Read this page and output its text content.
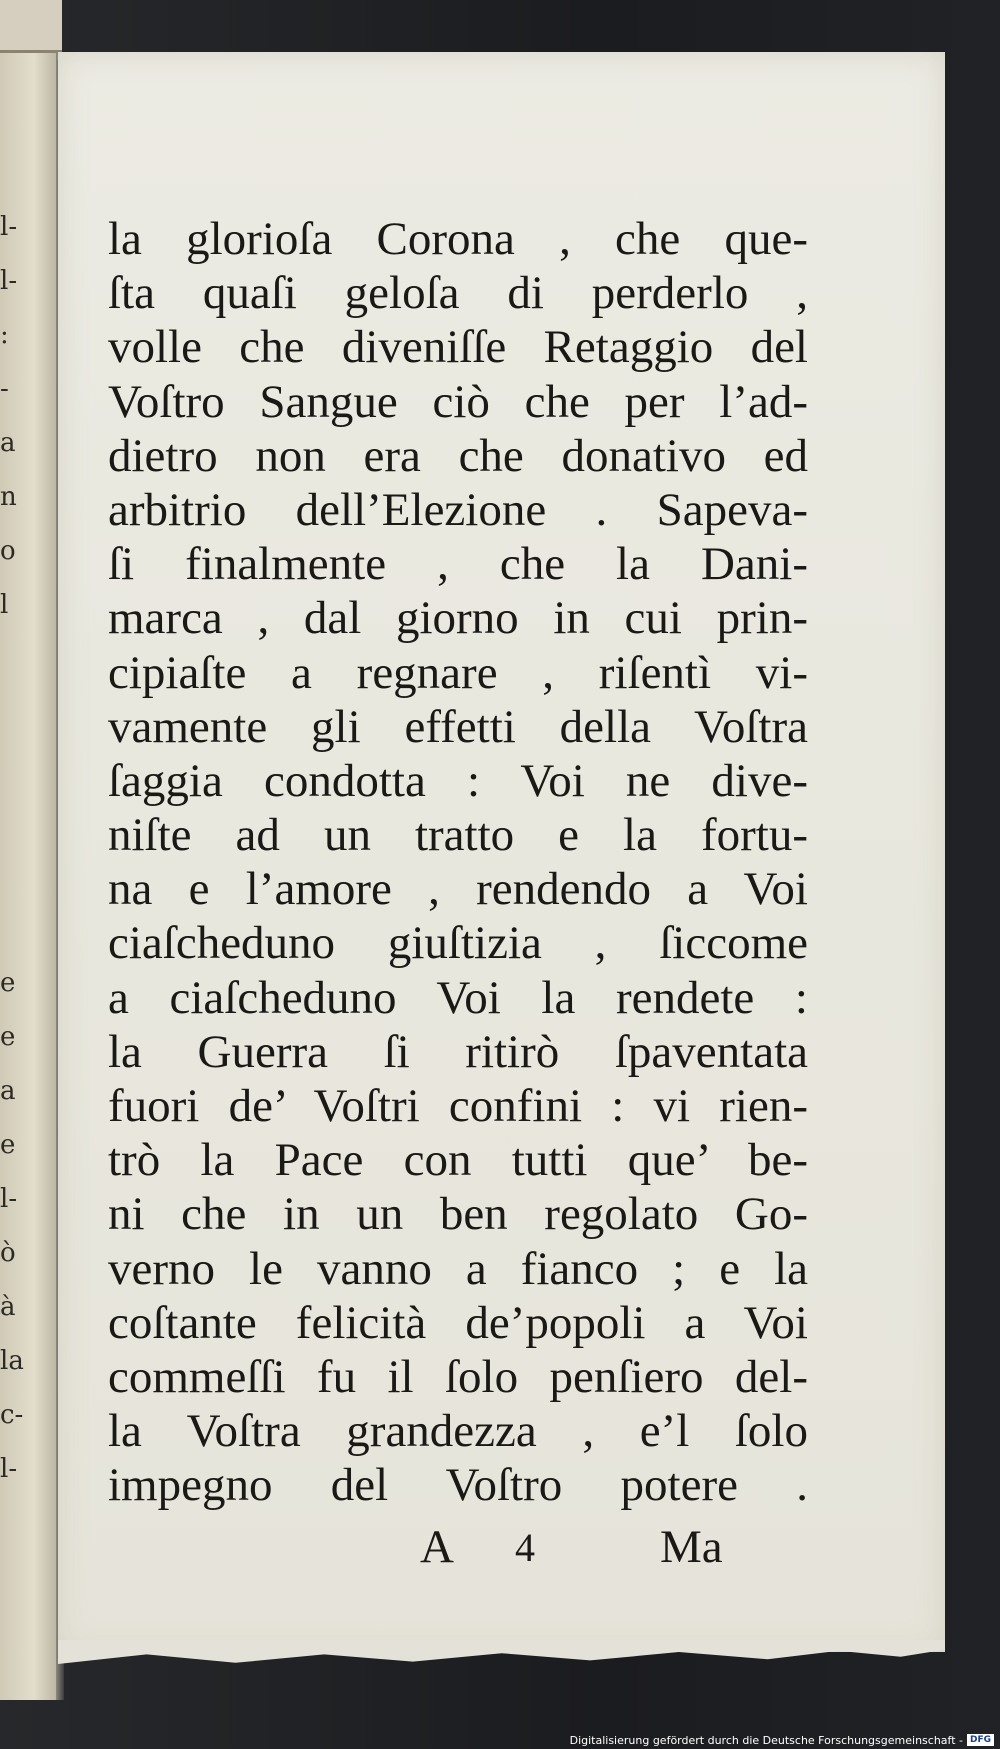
l-
l-
:
-
a
n
o
l
e
e
a
e
l-
ò
à
la
c-
l-
la glorioſa Corona , che que-
ſta quaſi geloſa di perderlo ,
volle che diveniſſe Retaggio del
Voſtro Sangue ciò che per l’ad-
dietro non era che donativo ed
arbitrio dell’Elezione . Sapeva-
ſi finalmente , che la Dani-
marca , dal giorno in cui prin-
cipiaſte a regnare , riſentì vi-
vamente gli effetti della Voſtra
ſaggia condotta : Voi ne dive-
niſte ad un tratto e la fortu-
na e l’amore , rendendo a Voi
ciaſcheduno giuſtizia , ſiccome
a ciaſcheduno Voi la rendete :
la Guerra ſi ritirò ſpaventata
fuori de’ Voſtri confini : vi rien-
trò la Pace con tutti que’ be-
ni che in un ben regolato Go-
verno le vanno a fianco ; e la
coſtante felicità de’popoli a Voi
commeſſi fu il ſolo penſiero del-
la Voſtra grandezza , e’l ſolo
impegno del Voſtro potere .
A 4	Ma
Digitalisierung gefördert durch die Deutsche Forschungsgemeinschaft - DFG
